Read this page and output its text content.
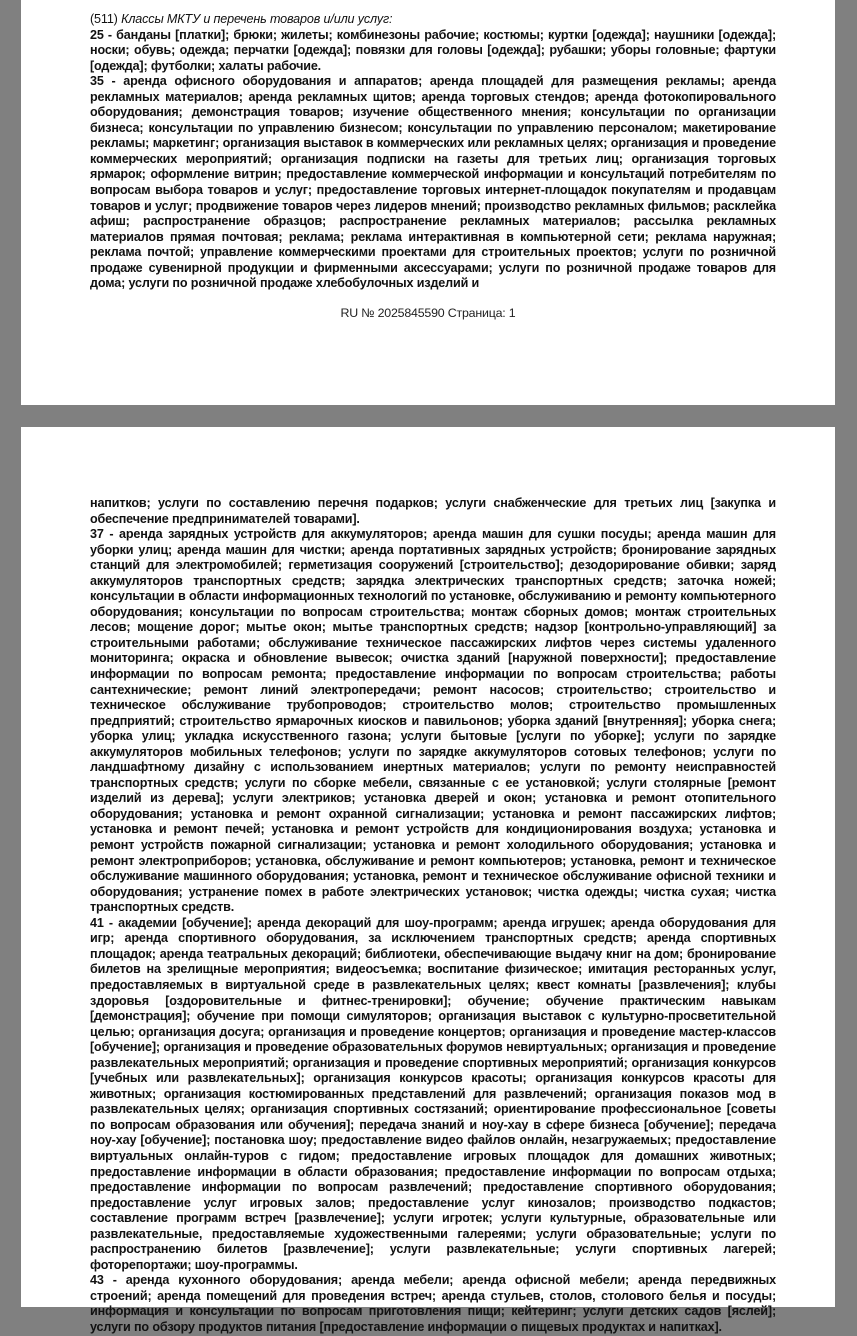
(511) Классы МКТУ и перечень товаров и/или услуг:

25 - банданы [платки]; брюки; жилеты; комбинезоны рабочие; костюмы; куртки [одежда]; наушники [одежда]; носки; обувь; одежда; перчатки [одежда]; повязки для головы [одежда]; рубашки; уборы головные; фартуки [одежда]; футболки; халаты рабочие.

35 - аренда офисного оборудования и аппаратов; аренда площадей для размещения рекламы; аренда рекламных материалов; аренда рекламных щитов; аренда торговых стендов; аренда фотокопировального оборудования; демонстрация товаров; изучение общественного мнения; консультации по организации бизнеса; консультации по управлению бизнесом; консультации по управлению персоналом; макетирование рекламы; маркетинг; организация выставок в коммерческих или рекламных целях; организация и проведение коммерческих мероприятий; организация подписки на газеты для третьих лиц; организация торговых ярмарок; оформление витрин; предоставление коммерческой информации и консультаций потребителям по вопросам выбора товаров и услуг; предоставление торговых интернет-площадок покупателям и продавцам товаров и услуг; продвижение товаров через лидеров мнений; производство рекламных фильмов; расклейка афиш; распространение образцов; распространение рекламных материалов; рассылка рекламных материалов прямая почтовая; реклама; реклама интерактивная в компьютерной сети; реклама наружная; реклама почтой; управление коммерческими проектами для строительных проектов; услуги по розничной продаже сувенирной продукции и фирменными аксессуарами; услуги по розничной продаже товаров для дома; услуги по розничной продаже хлебобулочных изделий и

RU № 2025845590 Страница: 1

напитков; услуги по составлению перечня подарков; услуги снабженческие для третьих лиц [закупка и обеспечение предпринимателей товарами].

37 - аренда зарядных устройств для аккумуляторов; аренда машин для сушки посуды; аренда машин для уборки улиц; аренда машин для чистки; аренда портативных зарядных устройств; бронирование зарядных станций для электромобилей; герметизация сооружений [строительство]; дезодорирование обивки; заряд аккумуляторов транспортных средств; зарядка электрических транспортных средств; заточка ножей; консультации в области информационных технологий по установке, обслуживанию и ремонту компьютерного оборудования; консультации по вопросам строительства; монтаж сборных домов; монтаж строительных лесов; мощение дорог; мытье окон; мытье транспортных средств; надзор [контрольно-управляющий] за строительными работами; обслуживание техническое пассажирских лифтов через системы удаленного мониторинга; окраска и обновление вывесок; очистка зданий [наружной поверхности]; предоставление информации по вопросам ремонта; предоставление информации по вопросам строительства; работы сантехнические; ремонт линий электропередачи; ремонт насосов; строительство; строительство и техническое обслуживание трубопроводов; строительство молов; строительство промышленных предприятий; строительство ярмарочных киосков и павильонов; уборка зданий [внутренняя]; уборка снега; уборка улиц; укладка искусственного газона; услуги бытовые [услуги по уборке]; услуги по зарядке аккумуляторов мобильных телефонов; услуги по зарядке аккумуляторов сотовых телефонов; услуги по ландшафтному дизайну с использованием инертных материалов; услуги по ремонту неисправностей транспортных средств; услуги по сборке мебели, связанные с ее установкой; услуги столярные [ремонт изделий из дерева]; услуги электриков; установка дверей и окон; установка и ремонт отопительного оборудования; установка и ремонт охранной сигнализации; установка и ремонт пассажирских лифтов; установка и ремонт печей; установка и ремонт устройств для кондиционирования воздуха; установка и ремонт устройств пожарной сигнализации; установка и ремонт холодильного оборудования; установка и ремонт электроприборов; установка, обслуживание и ремонт компьютеров; установка, ремонт и техническое обслуживание машинного оборудования; установка, ремонт и техническое обслуживание офисной техники и оборудования; устранение помех в работе электрических установок; чистка одежды; чистка сухая; чистка транспортных средств.

41 - академии [обучение]; аренда декораций для шоу-программ; аренда игрушек; аренда оборудования для игр; аренда спортивного оборудования, за исключением транспортных средств; аренда спортивных площадок; аренда театральных декораций; библиотеки, обеспечивающие выдачу книг на дом; бронирование билетов на зрелищные мероприятия; видеосъемка; воспитание физическое; имитация ресторанных услуг, предоставляемых в виртуальной среде в развлекательных целях; квест комнаты [развлечения]; клубы здоровья [оздоровительные и фитнес-тренировки]; обучение; обучение практическим навыкам [демонстрация]; обучение при помощи симуляторов; организация выставок с культурно-просветительной целью; организация досуга; организация и проведение концертов; организация и проведение мастер-классов [обучение]; организация и проведение образовательных форумов невиртуальных; организация и проведение развлекательных мероприятий; организация и проведение спортивных мероприятий; организация конкурсов [учебных или развлекательных]; организация конкурсов красоты; организация конкурсов красоты для животных; организация костюмированных представлений для развлечений; организация показов мод в развлекательных целях; организация спортивных состязаний; ориентирование профессиональное [советы по вопросам образования или обучения]; передача знаний и ноу-хау в сфере бизнеса [обучение]; передача ноу-хау [обучение]; постановка шоу; предоставление видео файлов онлайн, незагружаемых; предоставление виртуальных онлайн-туров с гидом; предоставление игровых площадок для домашних животных; предоставление информации в области образования; предоставление информации по вопросам отдыха; предоставление информации по вопросам развлечений; предоставление спортивного оборудования; предоставление услуг игровых залов; предоставление услуг кинозалов; производство подкастов; составление программ встреч [развлечение]; услуги игротек; услуги культурные, образовательные или развлекательные, предоставляемые художественными галереями; услуги образовательные; услуги по распространению билетов [развлечение]; услуги развлекательные; услуги спортивных лагерей; фоторепортажи; шоу-программы.

43 - аренда кухонного оборудования; аренда мебели; аренда офисной мебели; аренда передвижных строений; аренда помещений для проведения встреч; аренда стульев, столов, столового белья и посуды; информация и консультации по вопросам приготовления пищи; кейтеринг; услуги детских садов [яслей]; услуги по обзору продуктов питания [предоставление информации о пищевых продуктах и напитках].
